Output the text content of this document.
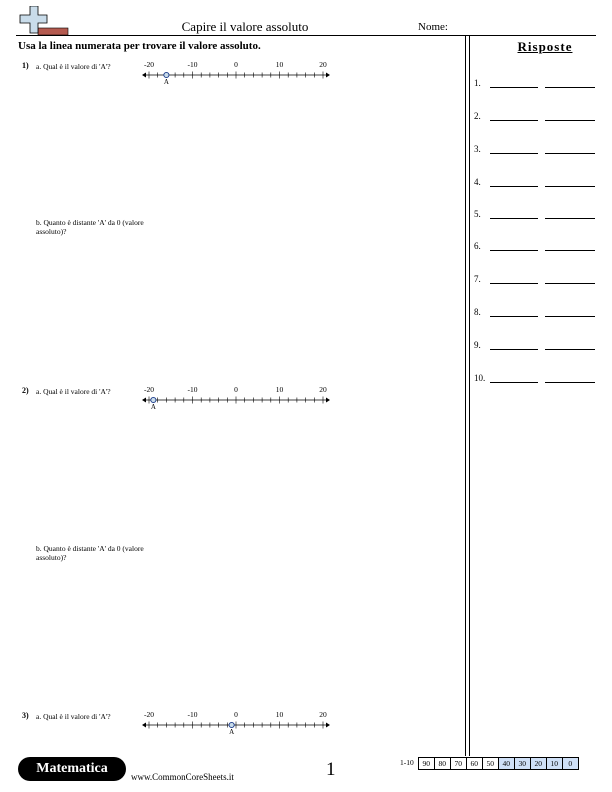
Capire il valore assoluto	Nome:
Usa la linea numerata per trovare il valore assoluto.	Risposte
1.
2.
3.
4.
5.
6.
7.
8.
9.
10.
1) a. Qual è il valore di 'A'?	-20	-10	0	10	20
A
b. Quanto è distante 'A' da 0 (valore assoluto)?
2) a. Qual è il valore di 'A'?	-20	-10	0	10	20
A
b. Quanto è distante 'A' da 0 (valore assoluto)?
3) a. Qual è il valore di 'A'?	-20	-10	0	10	20
A
Matematica
www.CommonCoreSheets.it	1	1-10	90	80	70	60	50	40	30	20	10	0
